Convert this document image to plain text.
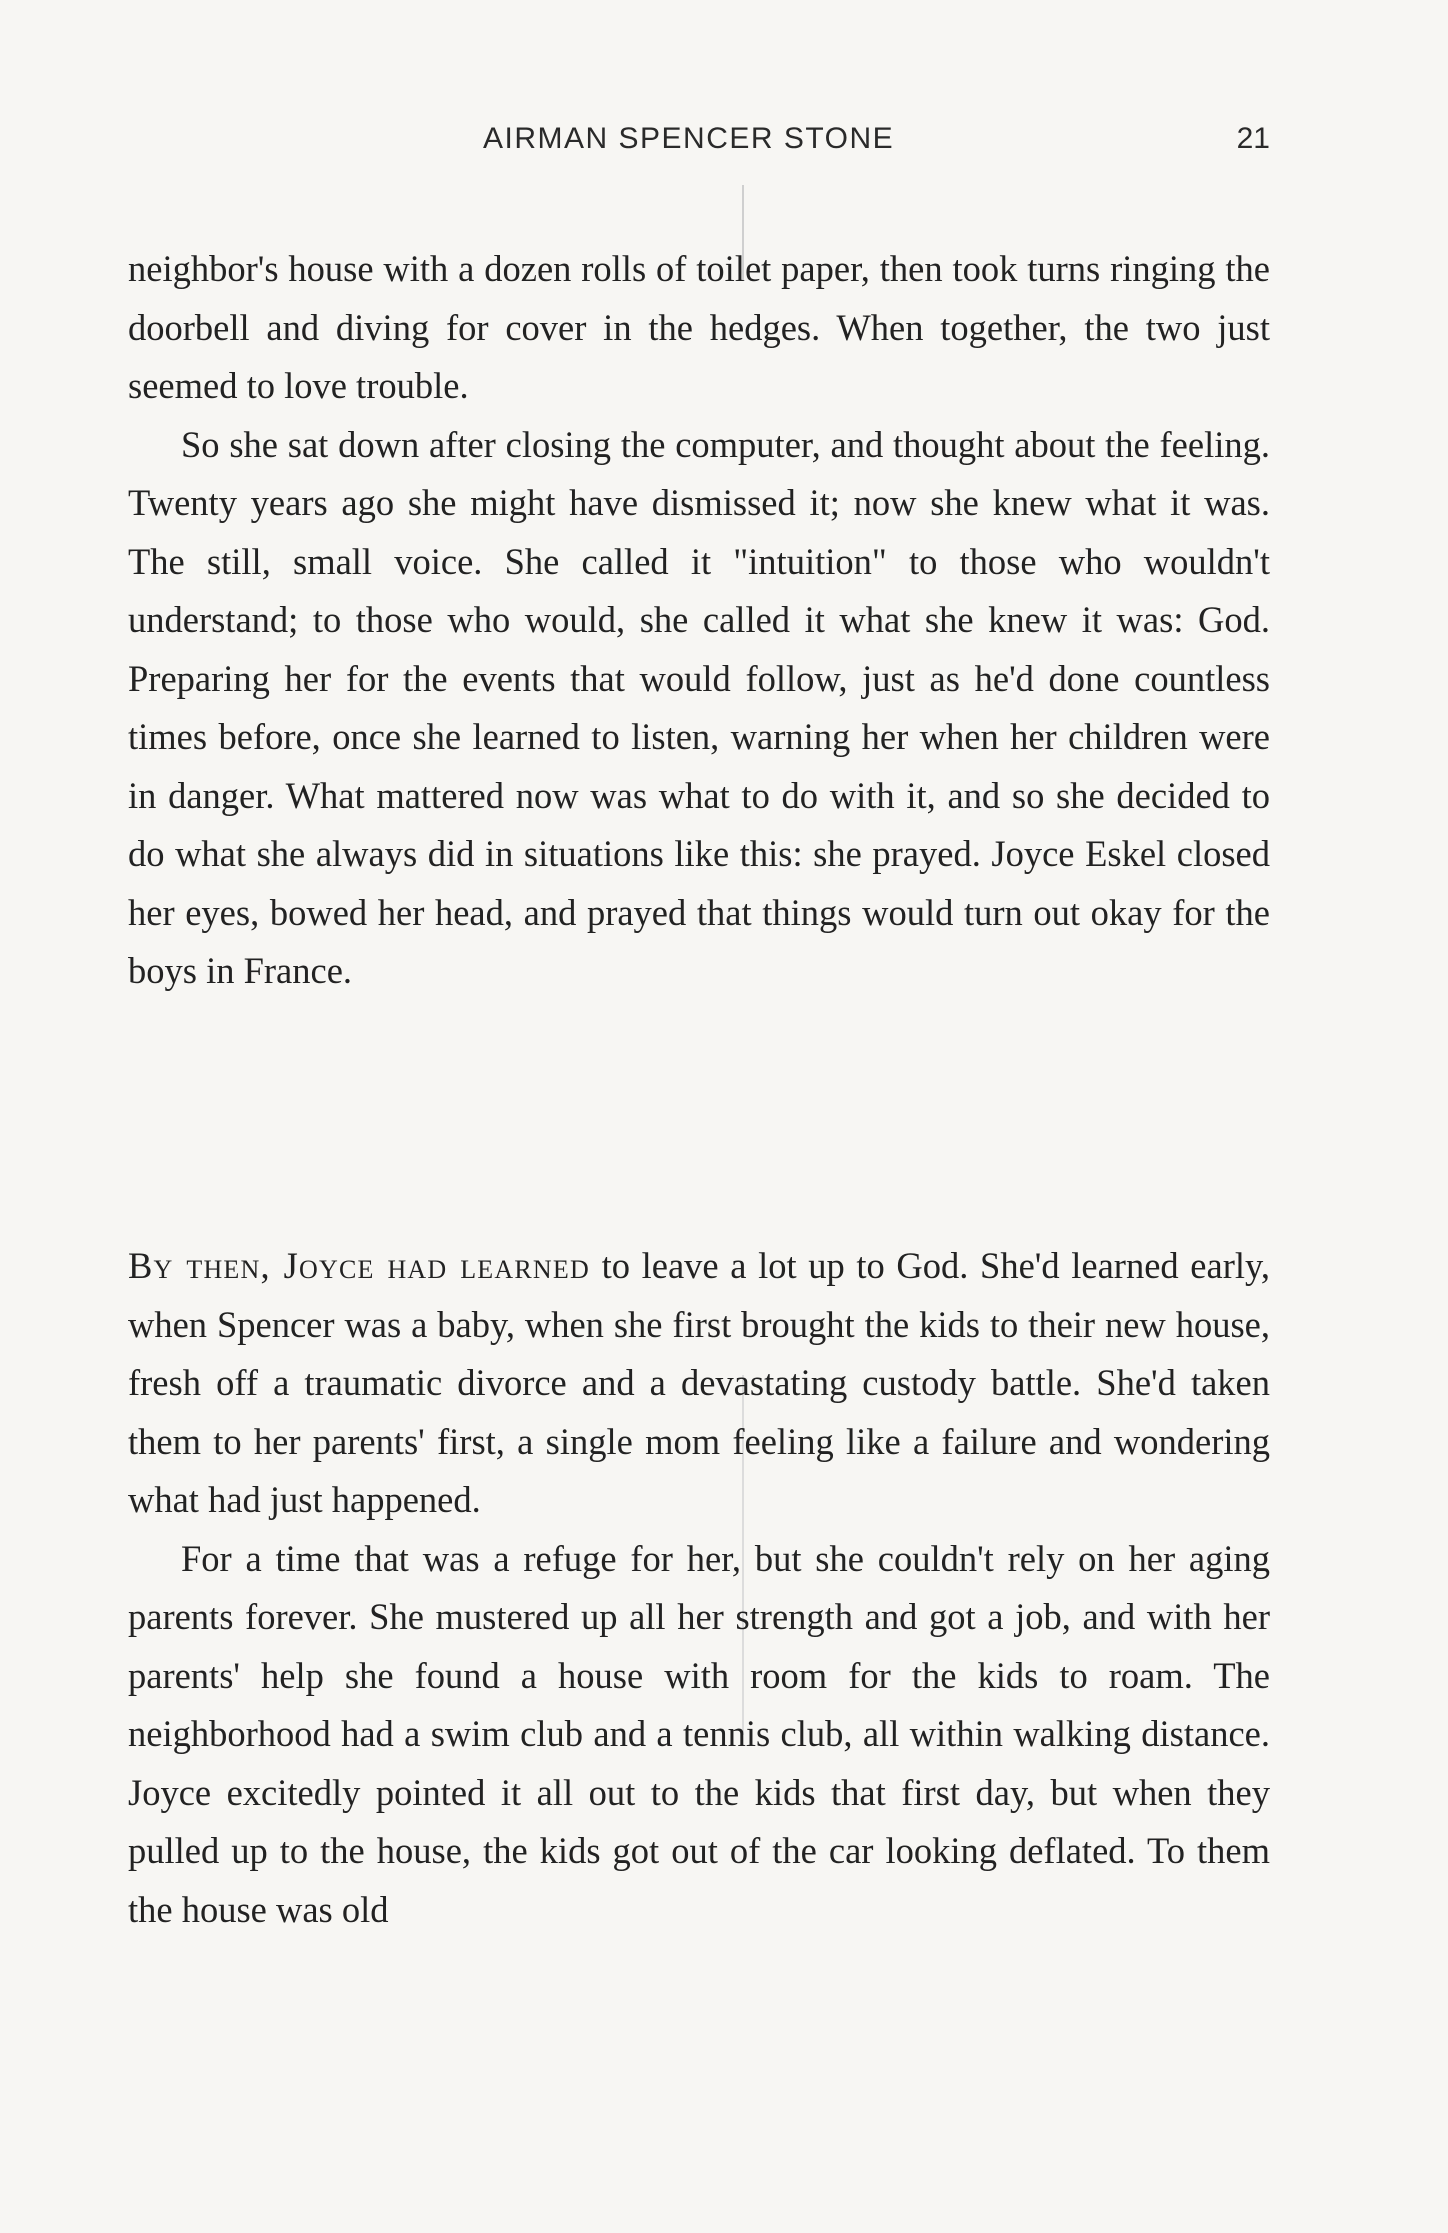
AIRMAN SPENCER STONE	21

neighbor's house with a dozen rolls of toilet paper, then took turns ringing the doorbell and diving for cover in the hedges. When together, the two just seemed to love trouble.

So she sat down after closing the computer, and thought about the feeling. Twenty years ago she might have dismissed it; now she knew what it was. The still, small voice. She called it "intuition" to those who wouldn't understand; to those who would, she called it what she knew it was: God. Preparing her for the events that would follow, just as he'd done countless times before, once she learned to listen, warning her when her children were in danger. What mattered now was what to do with it, and so she decided to do what she always did in situations like this: she prayed. Joyce Eskel closed her eyes, bowed her head, and prayed that things would turn out okay for the boys in France.

By then, Joyce had learned to leave a lot up to God. She'd learned early, when Spencer was a baby, when she first brought the kids to their new house, fresh off a traumatic divorce and a devastating custody battle. She'd taken them to her parents' first, a single mom feeling like a failure and wondering what had just happened.

For a time that was a refuge for her, but she couldn't rely on her aging parents forever. She mustered up all her strength and got a job, and with her parents' help she found a house with room for the kids to roam. The neighborhood had a swim club and a tennis club, all within walking distance. Joyce excitedly pointed it all out to the kids that first day, but when they pulled up to the house, the kids got out of the car looking deflated. To them the house was old
